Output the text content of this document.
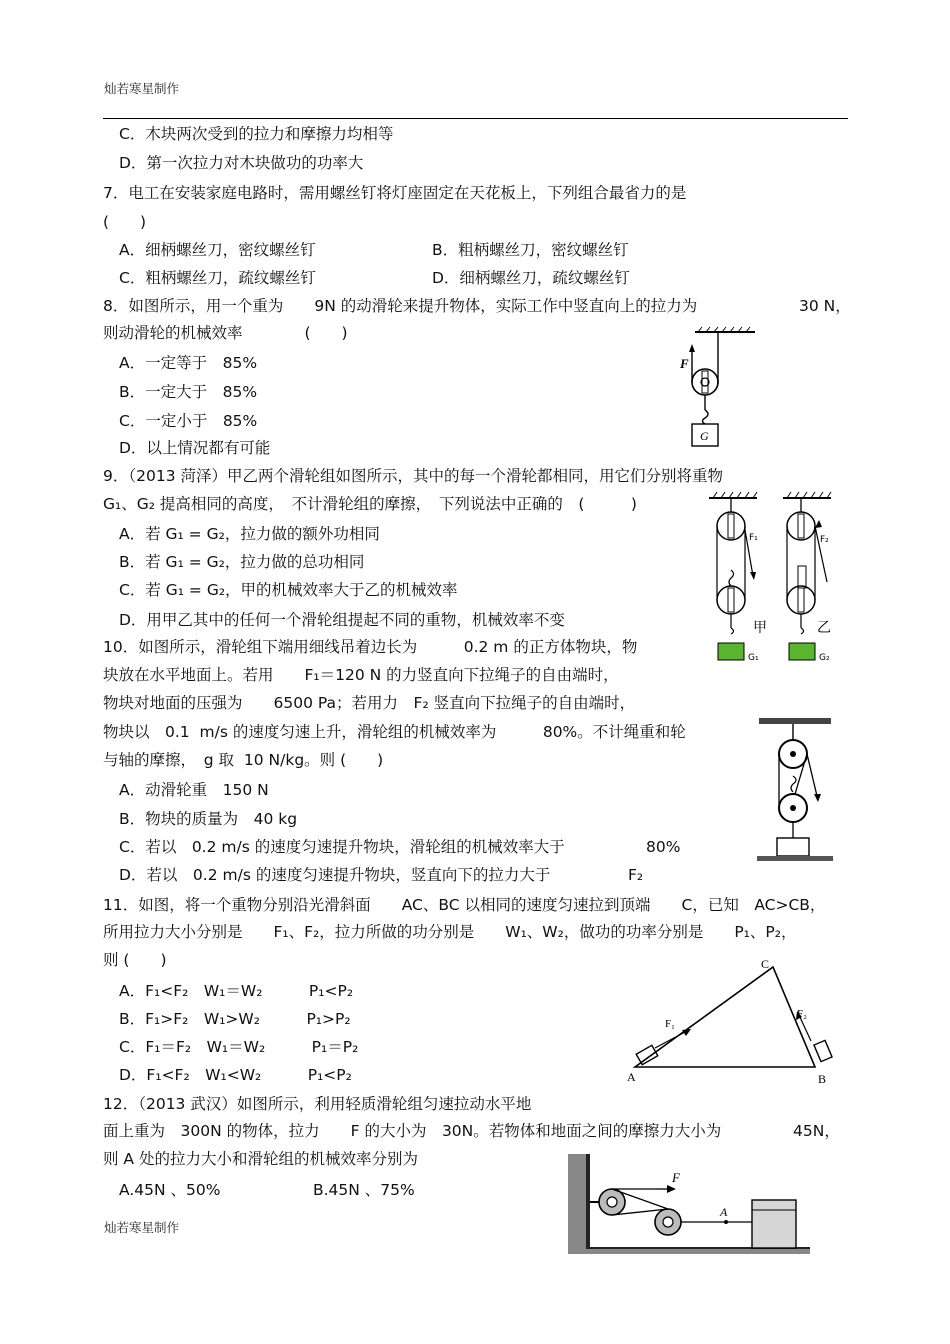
灿若寒星制作
C．木块两次受到的拉力和摩擦力均相等
D．第一次拉力对木块做功的功率大
7．电工在安装家庭电路时，需用螺丝钉将灯座固定在天花板上，下列组合最省力的是
(　　)
A．细柄螺丝刀，密纹螺丝钉	B．粗柄螺丝刀，密纹螺丝钉
C．粗柄螺丝刀，疏纹螺丝钉	D．细柄螺丝刀，疏纹螺丝钉
8．如图所示，用一个重为　　9N 的动滑轮来提升物体，实际工作中竖直向上的拉力为	30 N，
则动滑轮的机械效率　　　　(　　)
A．一定等于　85%
B．一定大于　85%
C．一定小于　85%
D．以上情况都有可能
9．（2013 菏泽）甲乙两个滑轮组如图所示，其中的每一个滑轮都相同，用它们分别将重物
G₁、G₂ 提高相同的高度，　不计滑轮组的摩擦，　下列说法中正确的　(　　　)
A．若 G₁ = G₂，拉力做的额外功相同
B．若 G₁ = G₂，拉力做的总功相同
C．若 G₁ = G₂，甲的机械效率大于乙的机械效率
D．用甲乙其中的任何一个滑轮组提起不同的重物，机械效率不变
10．如图所示，滑轮组下端用细线吊着边长为　　　0.2 m 的正方体物块，物
块放在水平地面上。若用　　F₁＝120 N 的力竖直向下拉绳子的自由端时，
物块对地面的压强为　　6500 Pa；若用力　F₂ 竖直向下拉绳子的自由端时，
物块以　0.1  m/s 的速度匀速上升，滑轮组的机械效率为　　　80%。不计绳重和轮
与轴的摩擦，　g 取  10 N/kg。则 (　　)
A．动滑轮重　150 N
B．物块的质量为　40 kg
C．若以　0.2 m/s 的速度匀速提升物块，滑轮组的机械效率大于	80%
D．若以　0.2 m/s 的速度匀速提升物块，竖直向下的拉力大于	F₂
11．如图，将一个重物分别沿光滑斜面　　AC、BC 以相同的速度匀速拉到顶端　　C，已知　AC>CB，
所用拉力大小分别是　　F₁、F₂，拉力所做的功分别是　　W₁、W₂，做功的功率分别是　　P₁、P₂，
则 (　　)
A．F₁<F₂　W₁＝W₂　　　P₁<P₂
B．F₁>F₂　W₁>W₂　　　P₁>P₂
C．F₁＝F₂　W₁＝W₂　　　P₁＝P₂
D．F₁<F₂　W₁<W₂　　　P₁<P₂
12．（2013 武汉）如图所示，利用轻质滑轮组匀速拉动水平地
面上重为　300N 的物体，拉力　　F 的大小为　30N。若物体和地面之间的摩擦力大小为	45N，
则 A 处的拉力大小和滑轮组的机械效率分别为
A.45N 、50%	B.45N 、75%
灿若寒星制作
F
G
F₁
G₁
甲
F₂
G₂
乙
A	B
C
F₁
F₂
F
A
